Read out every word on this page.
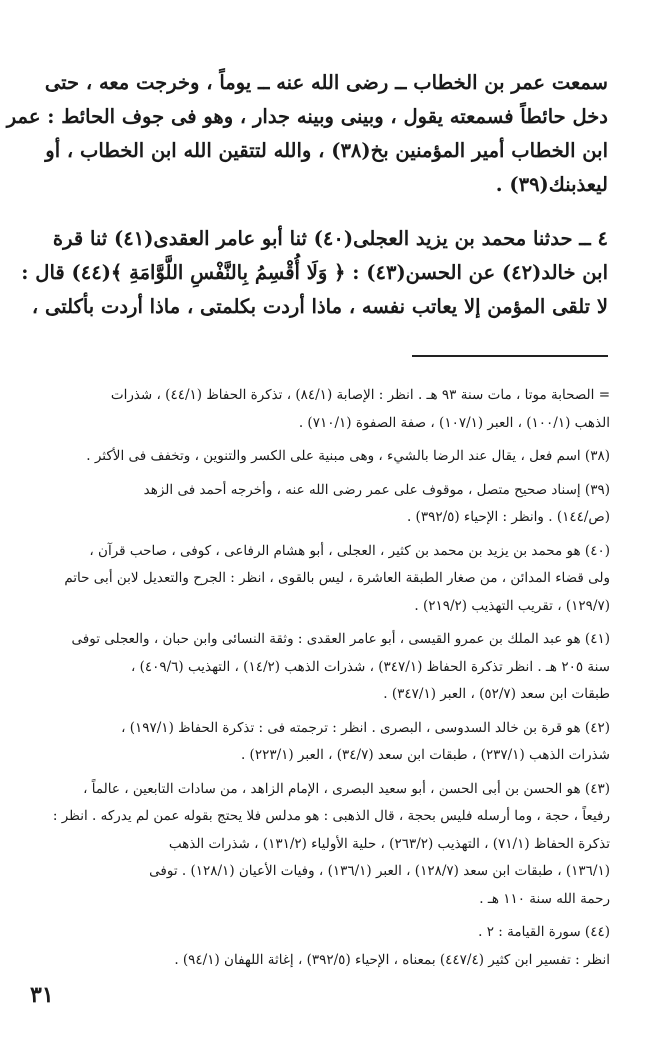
سمعت عمر بن الخطاب ــ رضى الله عنه ــ يوماً ، وخرجت معه ، حتى
دخل حائطاً فسمعته يقول ، وبينى وبينه جدار ، وهو فى جوف الحائط : عمر
ابن الخطاب أمير المؤمنين بخ(٣٨) ، والله لتتقين الله ابن الخطاب ، أو
ليعذبنك(٣٩) .
٤ ــ حدثنا محمد بن يزيد العجلى(٤٠) ثنا أبو عامر العقدى(٤١) ثنا قرة
ابن خالد(٤٢) عن الحسن(٤٣) : ﴿ وَلَا أُقْسِمُ بِالنَّفْسِ اللَّوَّامَةِ ﴾(٤٤) قال :
لا تلقى المؤمن إلا يعاتب نفسه ، ماذا أردت بكلمتى ، ماذا أردت بأكلتى ،
= الصحابة موتا ، مات سنة ٩٣ هـ . انظر : الإصابة (٨٤/١) ، تذكرة الحفاظ (٤٤/١) ، شذرات
الذهب (١٠٠/١) ، العبر (١٠٧/١) ، صفة الصفوة (٧١٠/١) .
(٣٨) اسم فعل ، يقال عند الرضا بالشيء ، وهى مبنية على الكسر والتنوين ، وتخفف فى الأكثر .
(٣٩) إسناد صحيح متصل ، موقوف على عمر رضى الله عنه ، وأخرجه أحمد فى الزهد
(ص/١٤٤) . وانظر : الإحياء (٣٩٢/٥) .
(٤٠) هو محمد بن يزيد بن محمد بن كثير ، العجلى ، أبو هشام الرفاعى ، كوفى ، صاحب قرآن ،
ولى قضاء المدائن ، من صغار الطبقة العاشرة ، ليس بالقوى ، انظر : الجرح والتعديل لابن أبى حاتم
(١٢٩/٧) ، تقريب التهذيب (٢١٩/٢) .
(٤١) هو عبد الملك بن عمرو القيسى ، أبو عامر العقدى : وثقة النسائى وابن حبان ، والعجلى توفى
سنة ٢٠٥ هـ . انظر تذكرة الحفاظ (٣٤٧/١) ، شذرات الذهب (١٤/٢) ، التهذيب (٤٠٩/٦) ،
طبقات ابن سعد (٥٢/٧) ، العبر (٣٤٧/١) .
(٤٢) هو قرة بن خالد السدوسى ، البصرى . انظر : ترجمته فى : تذكرة الحفاظ (١٩٧/١) ،
شذرات الذهب (٢٣٧/١) ، طبقات ابن سعد (٣٤/٧) ، العبر (٢٢٣/١) .
(٤٣) هو الحسن بن أبى الحسن ، أبو سعيد البصرى ، الإمام الزاهد ، من سادات التابعين ، عالماً ،
رفيعاً ، حجة ، وما أرسله فليس بحجة ، قال الذهبى : هو مدلس فلا يحتج بقوله عمن لم يدركه . انظر :
تذكرة الحفاظ (٧١/١) ، التهذيب (٢٦٣/٢) ، حلية الأولياء (١٣١/٢) ، شذرات الذهب
(١٣٦/١) ، طبقات ابن سعد (١٢٨/٧) ، العبر (١٣٦/١) ، وفيات الأعيان (١٢٨/١) . توفى
رحمة الله سنة ١١٠ هـ .
(٤٤) سورة القيامة : ٢ .
انظر : تفسير ابن كثير (٤٤٧/٤) بمعناه ، الإحياء (٣٩٢/٥) ، إغاثة اللهفان (٩٤/١) .
٣١
